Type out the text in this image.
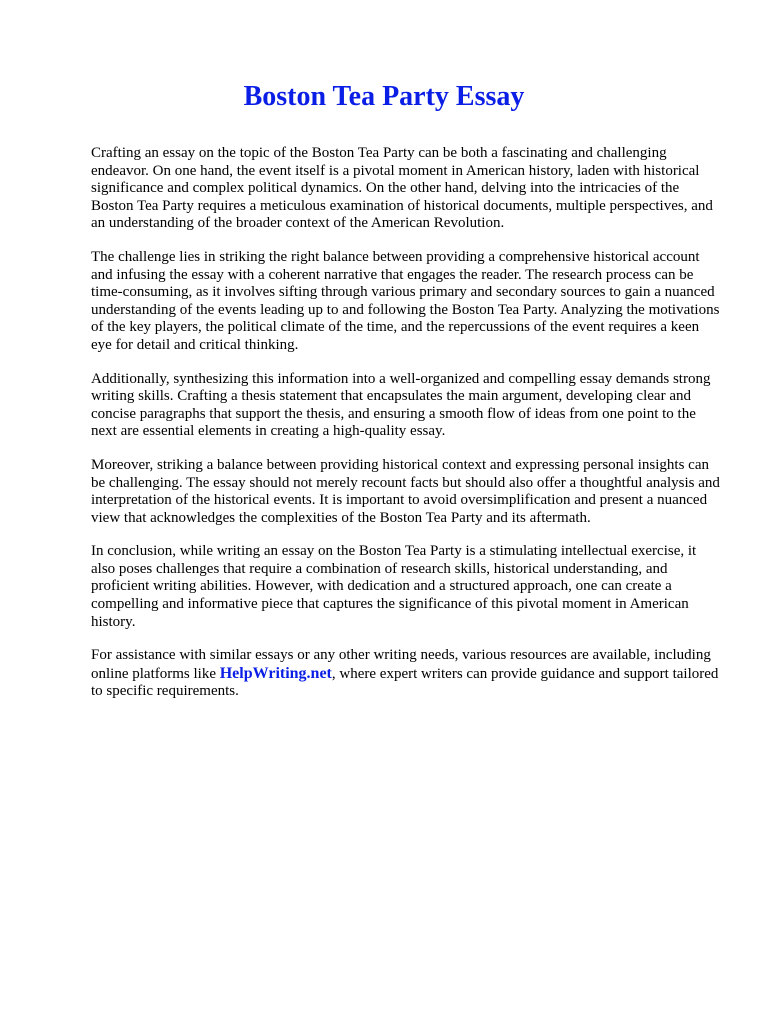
Boston Tea Party Essay

Crafting an essay on the topic of the Boston Tea Party can be both a fascinating and challenging endeavor. On one hand, the event itself is a pivotal moment in American history, laden with historical significance and complex political dynamics. On the other hand, delving into the intricacies of the Boston Tea Party requires a meticulous examination of historical documents, multiple perspectives, and an understanding of the broader context of the American Revolution.

The challenge lies in striking the right balance between providing a comprehensive historical account and infusing the essay with a coherent narrative that engages the reader. The research process can be time-consuming, as it involves sifting through various primary and secondary sources to gain a nuanced understanding of the events leading up to and following the Boston Tea Party. Analyzing the motivations of the key players, the political climate of the time, and the repercussions of the event requires a keen eye for detail and critical thinking.

Additionally, synthesizing this information into a well-organized and compelling essay demands strong writing skills. Crafting a thesis statement that encapsulates the main argument, developing clear and concise paragraphs that support the thesis, and ensuring a smooth flow of ideas from one point to the next are essential elements in creating a high-quality essay.

Moreover, striking a balance between providing historical context and expressing personal insights can be challenging. The essay should not merely recount facts but should also offer a thoughtful analysis and interpretation of the historical events. It is important to avoid oversimplification and present a nuanced view that acknowledges the complexities of the Boston Tea Party and its aftermath.

In conclusion, while writing an essay on the Boston Tea Party is a stimulating intellectual exercise, it also poses challenges that require a combination of research skills, historical understanding, and proficient writing abilities. However, with dedication and a structured approach, one can create a compelling and informative piece that captures the significance of this pivotal moment in American history.

For assistance with similar essays or any other writing needs, various resources are available, including online platforms like HelpWriting.net, where expert writers can provide guidance and support tailored to specific requirements.
